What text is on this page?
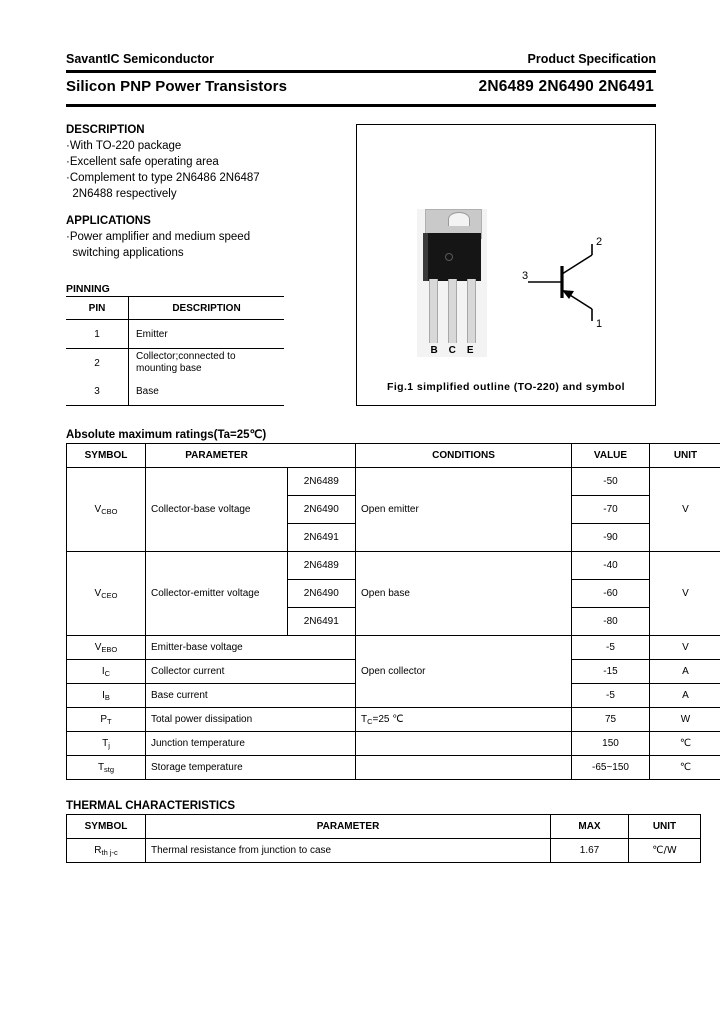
SavantIC Semiconductor	Product Specification
Silicon PNP Power Transistors	2N6489 2N6490 2N6491
DESCRIPTION
·With TO-220 package
·Excellent safe operating area
·Complement to type 2N6486 2N6487
2N6488 respectively
APPLICATIONS
·Power amplifier and medium speed
switching applications
PINNING
PIN	DESCRIPTION
1	Emitter
2	Collector;connected to
mounting base

3	Base
B C E
2
1
3
Fig.1 simplified outline (TO-220) and symbol
Absolute maximum ratings(Ta=25℃)
SYMBOL	PARAMETER		CONDITIONS	VALUE	UNIT
$V_{CBO}$	Collector-base voltage	2N6489	Open emitter	-50	V
		2N6490		-70	
		2N6491		-90	
$V_{CEO}$	Collector-emitter voltage	2N6489	Open base	-40	V
		2N6490		-60	
		2N6491		-80	
$V_{EBO}$	Emitter-base voltage		Open collector	-5	V
$I_C$	Collector current			-15	A
$I_B$	Base current			-5	A
$P_T$	Total power dissipation		$T_C=25$ ℃	75	W
$T_j$	Junction temperature			150	℃
$T_{stg}$	Storage temperature			-65~150	℃
THERMAL CHARACTERISTICS
SYMBOL	PARAMETER	MAX	UNIT
$R_{th j-c}$	Thermal resistance from junction to case	1.67	℃/W
